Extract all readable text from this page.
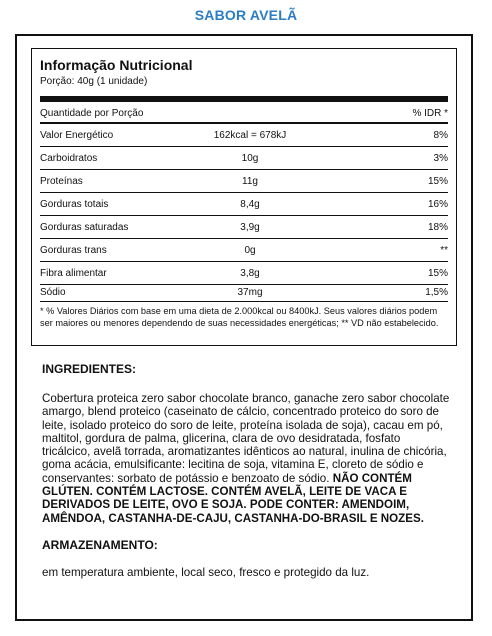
SABOR AVELÃ
Informação Nutricional
Porção: 40g (1 unidade)
Quantidade por Porção	% IDR *
Valor Energético	162kcal = 678kJ	8%
Carboidratos	10g	3%
Proteínas	11g	15%
Gorduras totais	8,4g	16%
Gorduras saturadas	3,9g	18%
Gorduras trans	0g	**
Fibra alimentar	3,8g	15%
Sódio	37mg	1,5%
* % Valores Diários com base em uma dieta de 2.000kcal ou 8400kJ. Seus valores diários podem ser maiores ou menores dependendo de suas necessidades energéticas; ** VD não estabelecido.
INGREDIENTES:
Cobertura proteica zero sabor chocolate branco, ganache zero sabor chocolate amargo, blend proteico (caseinato de cálcio, concentrado proteico do soro de leite, isolado proteico do soro de leite, proteína isolada de soja), cacau em pó, maltitol, gordura de palma, glicerina, clara de ovo desidratada, fosfato tricálcico, avelã torrada, aromatizantes idênticos ao natural, inulina de chicória, goma acácia, emulsificante: lecitina de soja, vitamina E, cloreto de sódio e conservantes: sorbato de potássio e benzoato de sódio. NÃO CONTÉM GLÚTEN. CONTÉM LACTOSE. CONTÉM AVELÃ, LEITE DE VACA E DERIVADOS DE LEITE, OVO E SOJA. PODE CONTER: AMENDOIM, AMÊNDOA, CASTANHA-DE-CAJU, CASTANHA-DO-BRASIL E NOZES.
ARMAZENAMENTO:
em temperatura ambiente, local seco, fresco e protegido da luz.
